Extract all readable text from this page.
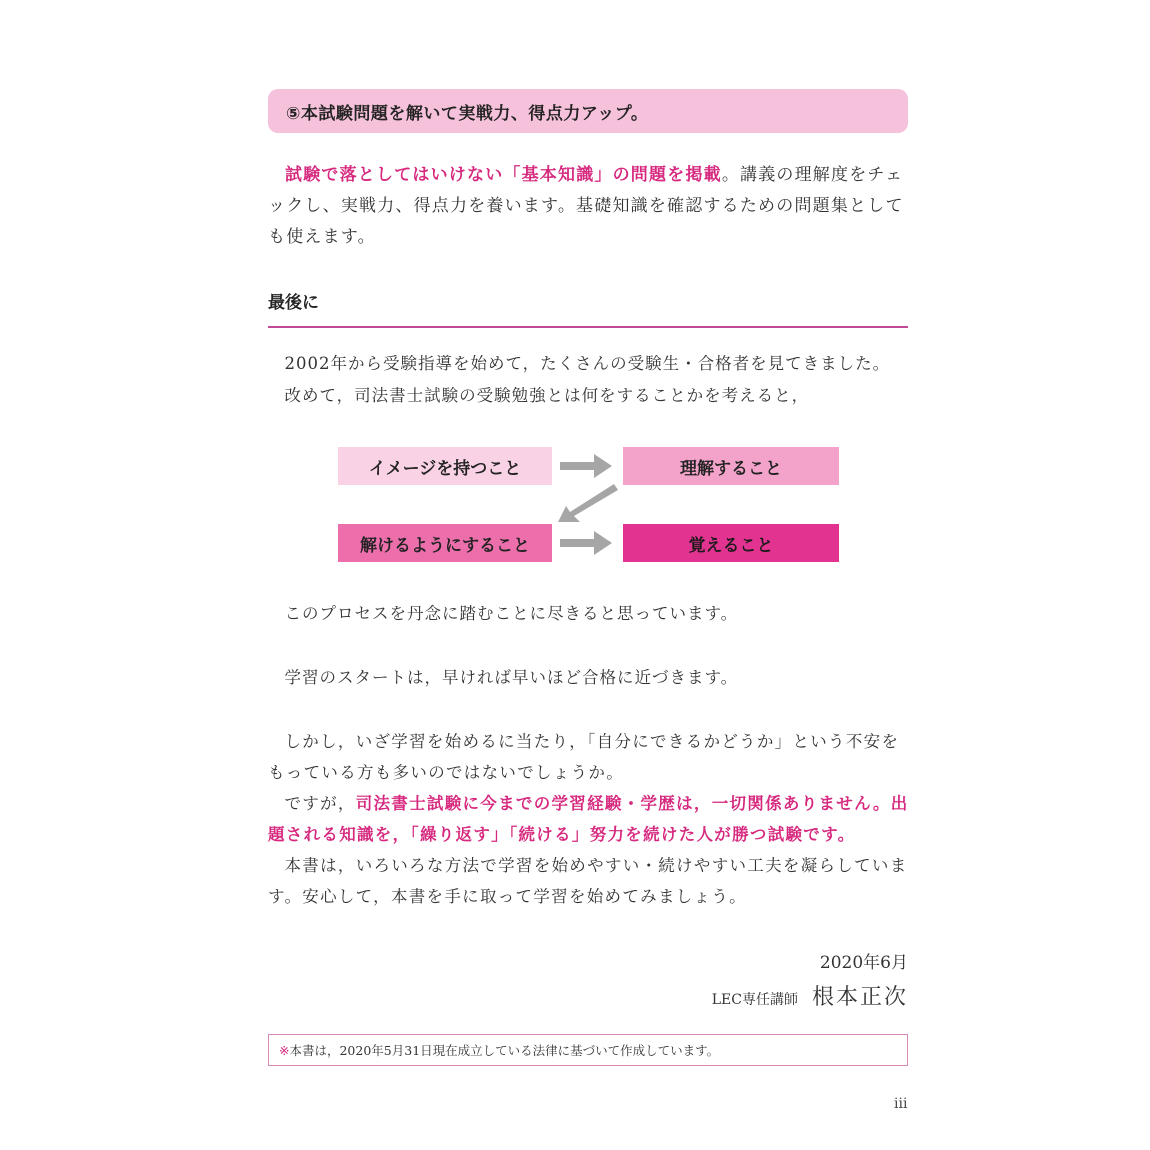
⑤本試験問題を解いて実戦力、得点力アップ。
試験で落としてはいけない「基本知識」の問題を掲載。講義の理解度をチェックし、実戦力、得点力を養います。基礎知識を確認するための問題集としても使えます。
最後に
2002年から受験指導を始めて，たくさんの受験生・合格者を見てきました。
改めて，司法書士試験の受験勉強とは何をすることかを考えると，
イメージを持つこと	理解すること
解けるようにすること	覚えること
このプロセスを丹念に踏むことに尽きると思っています。
学習のスタートは，早ければ早いほど合格に近づきます。

しかし，いざ学習を始めるに当たり，「自分にできるかどうか」という不安をもっている方も多いのではないでしょうか。

ですが，司法書士試験に今までの学習経験・学歴は，一切関係ありません。出題される知識を，「繰り返す」「続ける」努力を続けた人が勝つ試験です。

本書は，いろいろな方法で学習を始めやすい・続けやすい工夫を凝らしています。安心して，本書を手に取って学習を始めてみましょう。

2020年6月
LEC専任講師 根本正次
※ 本書は，2020年5月31日現在成立している法律に基づいて作成しています。
iii
